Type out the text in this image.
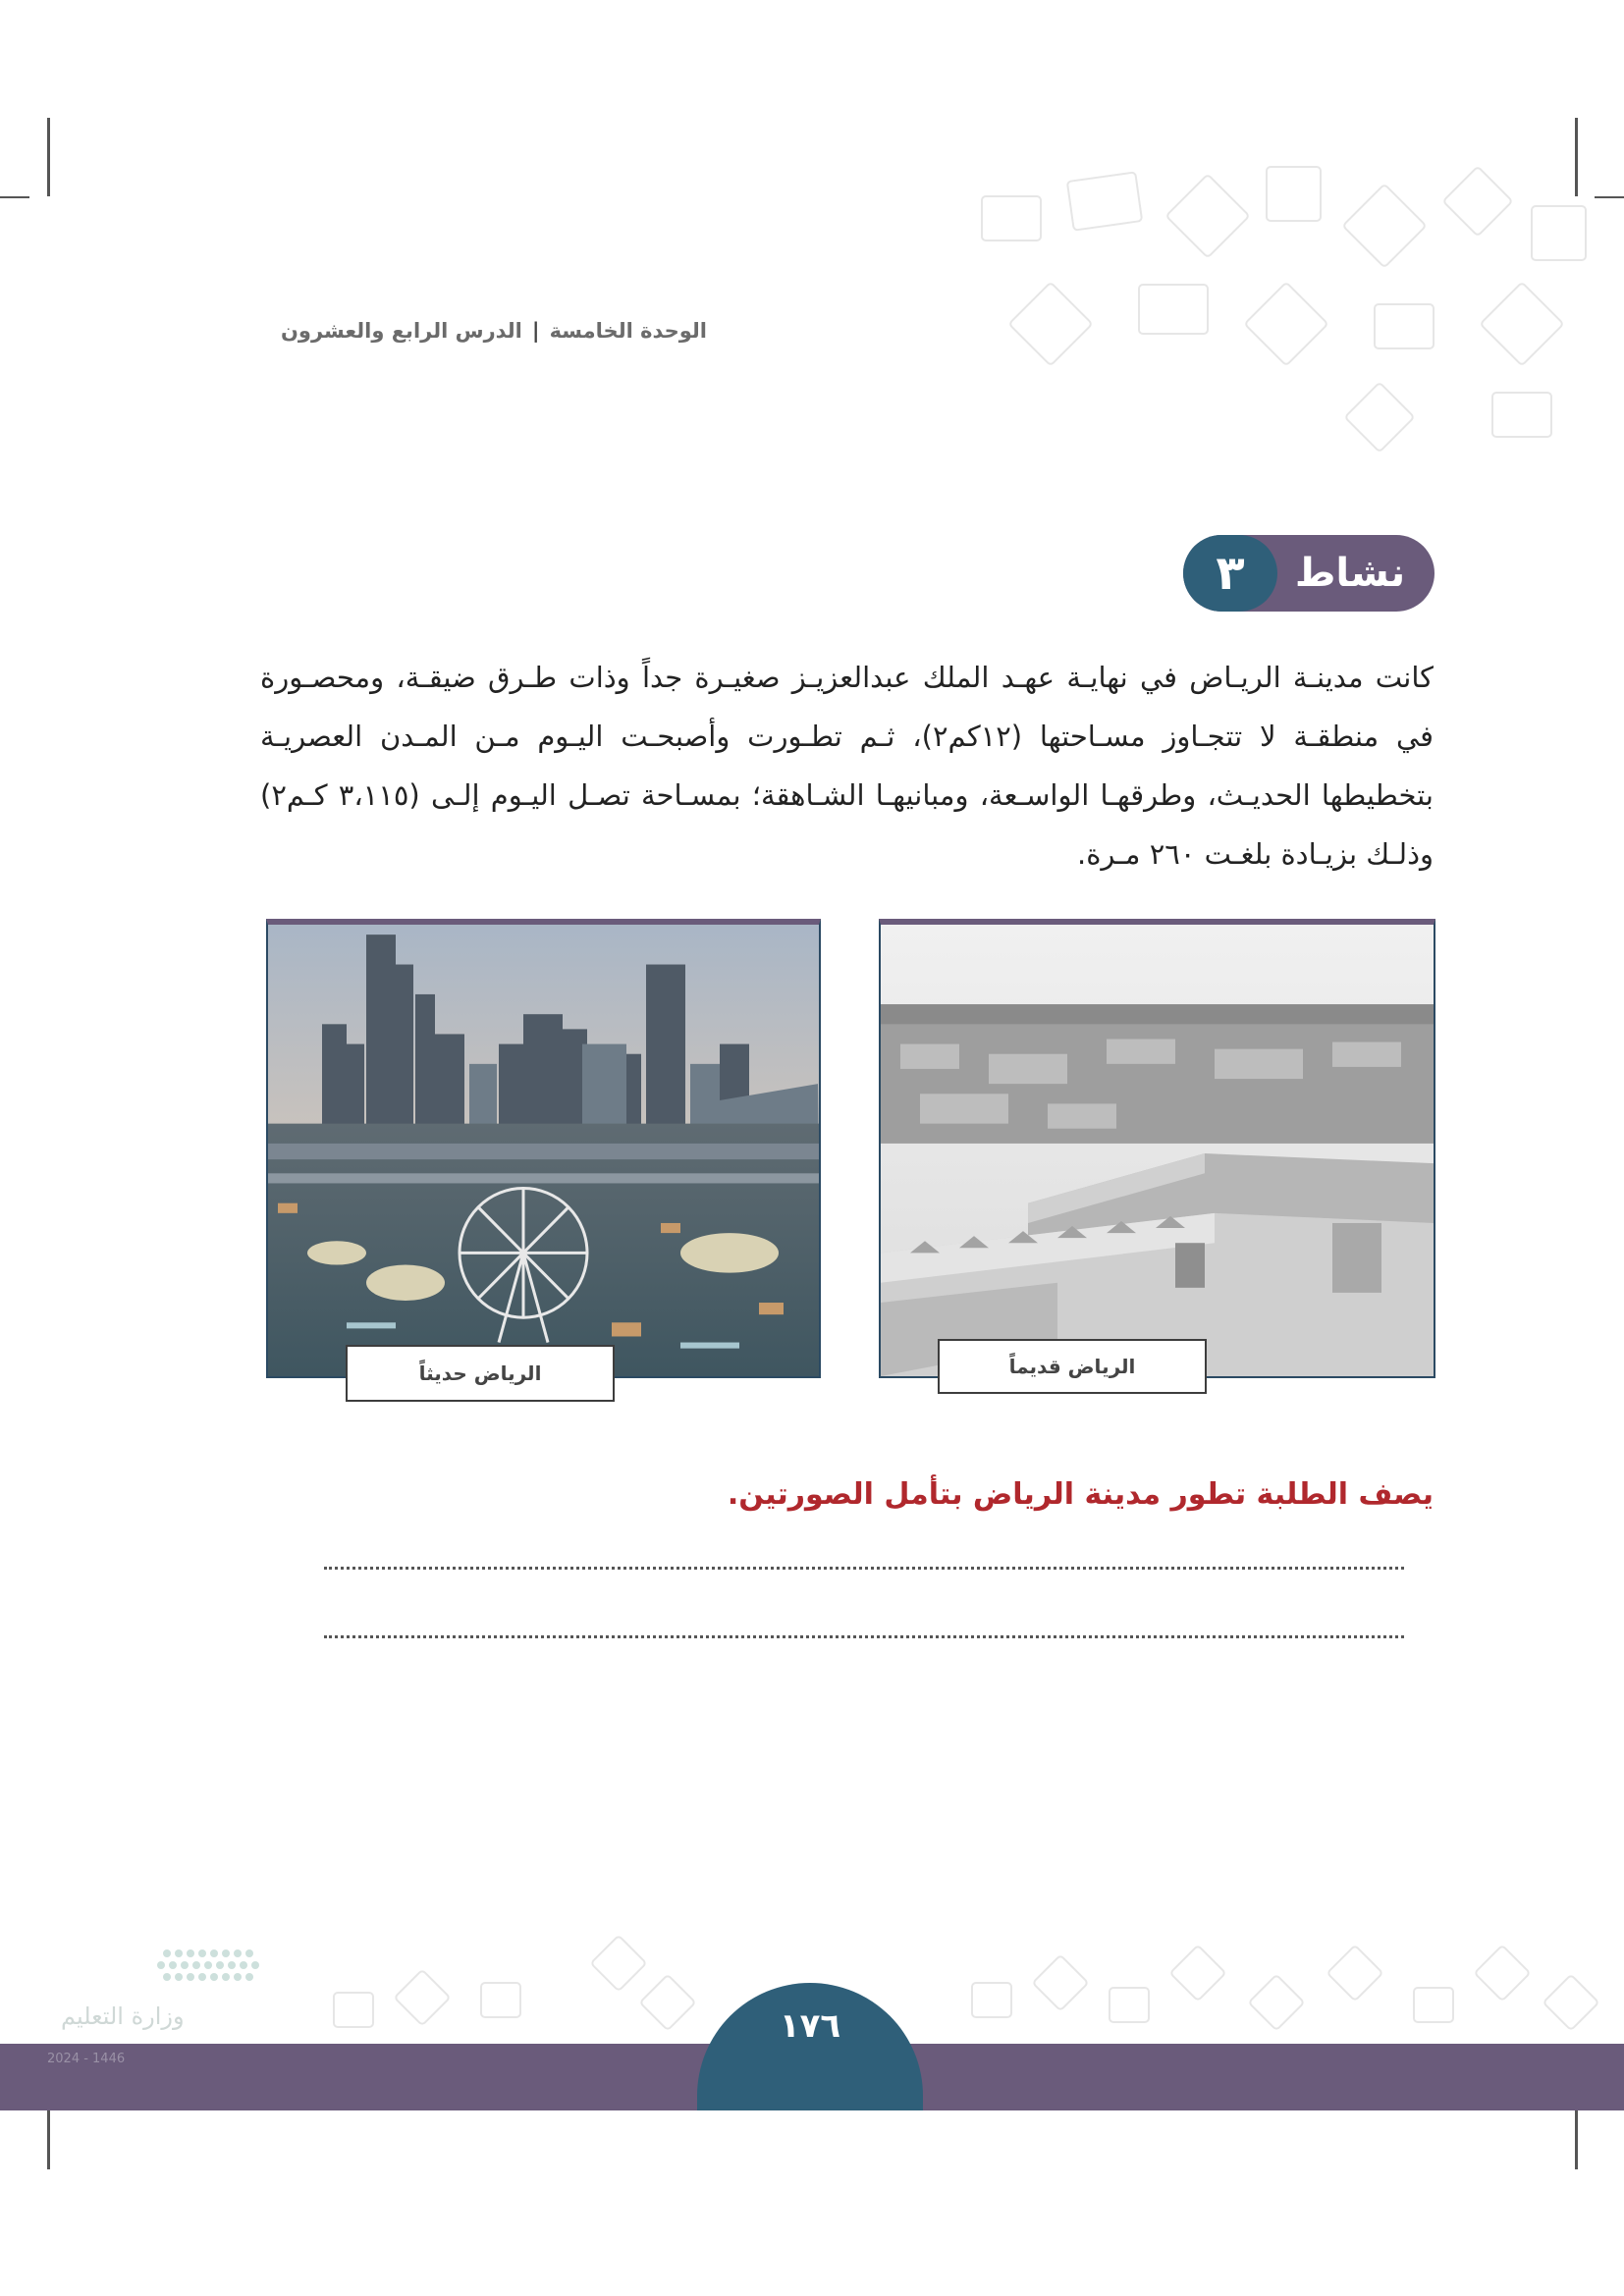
الوحدة الخامسة|الدرس الرابع والعشرون
٣	نشاط
كانت مدينـة الريـاض في نهايـة عهـد الملك عبدالعزيـز صغيـرة جداً وذات طـرق ضيقـة، ومحصـورة في منطقـة لا تتجـاوز مسـاحتها (١٢كم٢)، ثـم تطـورت وأصبحـت اليـوم مـن المـدن العصريـة بتخطيطها الحديـث، وطرقهـا الواسـعة، ومبانيهـا الشـاهقة؛ بمسـاحة تصـل اليـوم إلـى (٣،١١٥ كـم٢) وذلـك بزيـادة بلغـت ٢٦٠ مـرة.
الرياض حديثاً	الرياض قديماً
يصف الطلبة تطور مدينة الرياض بتأمل الصورتين.
وزارة التعليم	١٧٦
2024 - 1446
